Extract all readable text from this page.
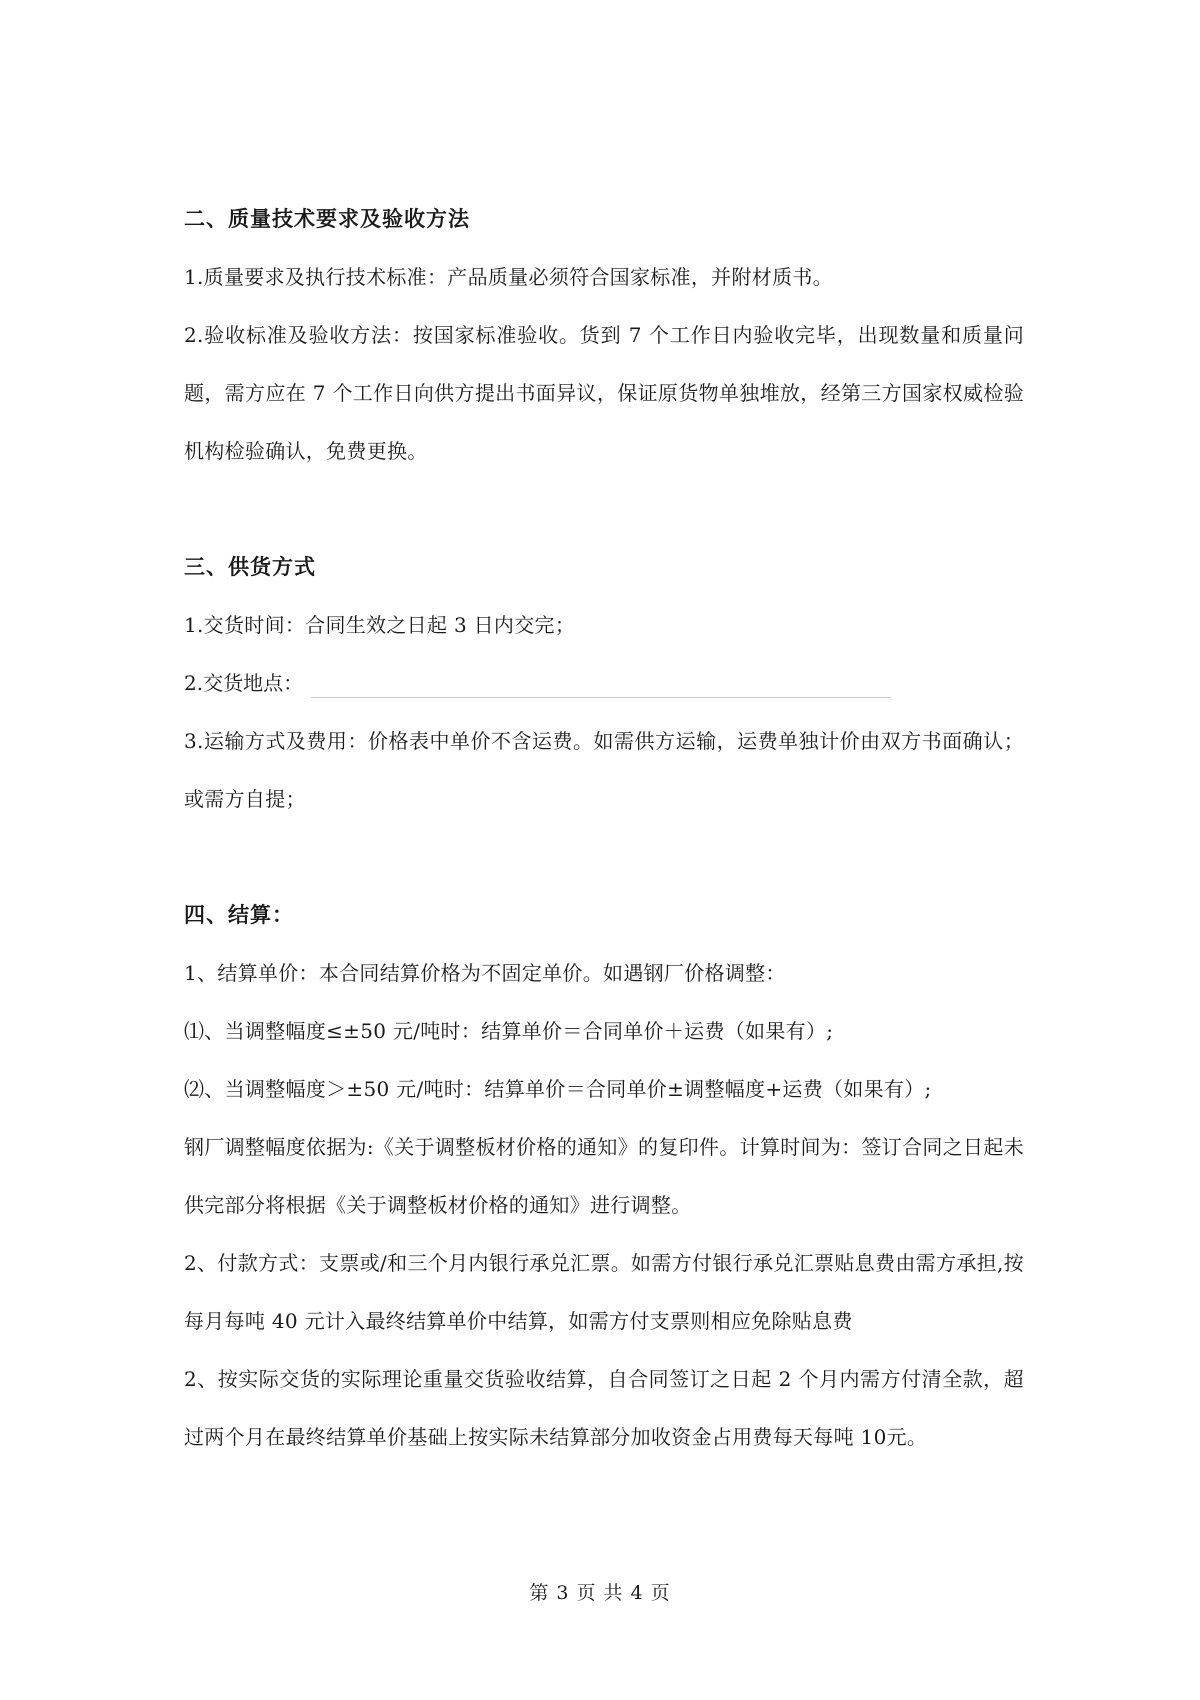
二、质量技术要求及验收方法

1.质量要求及执行技术标准：产品质量必须符合国家标准，并附材质书。

2.验收标准及验收方法：按国家标准验收。货到 7 个工作日内验收完毕，出现数量和质量问题，需方应在 7 个工作日向供方提出书面异议，保证原货物单独堆放，经第三方国家权威检验机构检验确认，免费更换。

三、供货方式

1.交货时间：合同生效之日起 3 日内交完；

2.交货地点：

3.运输方式及费用：价格表中单价不含运费。如需供方运输，运费单独计价由双方书面确认；或需方自提；

四、结算：

1、结算单价：本合同结算价格为不固定单价。如遇钢厂价格调整：

⑴、当调整幅度≤±50 元/吨时：结算单价＝合同单价＋运费（如果有）;

⑵、当调整幅度＞±50 元/吨时：结算单价＝合同单价±调整幅度+运费（如果有）;

钢厂调整幅度依据为:《关于调整板材价格的通知》的复印件。计算时间为：签订合同之日起未供完部分将根据《关于调整板材价格的通知》进行调整。

2、付款方式：支票或/和三个月内银行承兑汇票。如需方付银行承兑汇票贴息费由需方承担,按每月每吨 40 元计入最终结算单价中结算，如需方付支票则相应免除贴息费

2、按实际交货的实际理论重量交货验收结算，自合同签订之日起 2 个月内需方付清全款，超过两个月在最终结算单价基础上按实际未结算部分加收资金占用费每天每吨 10元。

第 3 页 共 4 页
